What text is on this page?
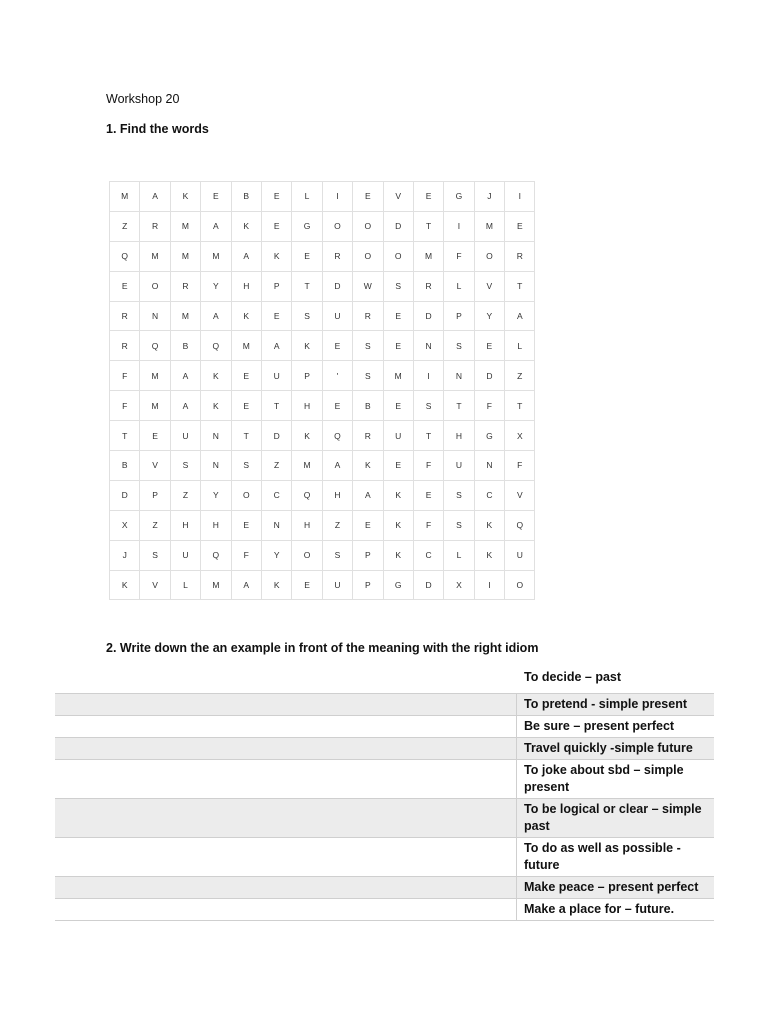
Workshop 20
1. Find the words
M	A	K	E	B	E	L	I	E	V	E	G	J	I
Z	R	M	A	K	E	G	O	O	D	T	I	M	E
Q	M	M	M	A	K	E	R	O	O	M	F	O	R
E	O	R	Y	H	P	T	D	W	S	R	L	V	T
R	N	M	A	K	E	S	U	R	E	D	P	Y	A
R	Q	B	Q	M	A	K	E	S	E	N	S	E	L
F	M	A	K	E	U	P	'	S	M	I	N	D	Z
F	M	A	K	E	T	H	E	B	E	S	T	F	T
T	E	U	N	T	D	K	Q	R	U	T	H	G	X
B	V	S	N	S	Z	M	A	K	E	F	U	N	F
D	P	Z	Y	O	C	Q	H	A	K	E	S	C	V
X	Z	H	H	E	N	H	Z	E	K	F	S	K	Q
J	S	U	Q	F	Y	O	S	P	K	C	L	K	U
K	V	L	M	A	K	E	U	P	G	D	X	I	O
2. Write down the an example in front of the meaning with the right idiom
To decide – past
	To pretend - simple present
	Be sure – present perfect
	Travel quickly -simple future
	To joke about sbd – simple present
	To be logical or clear – simple past
	To do as well as possible - future
	Make peace – present perfect
	Make a place for – future.
